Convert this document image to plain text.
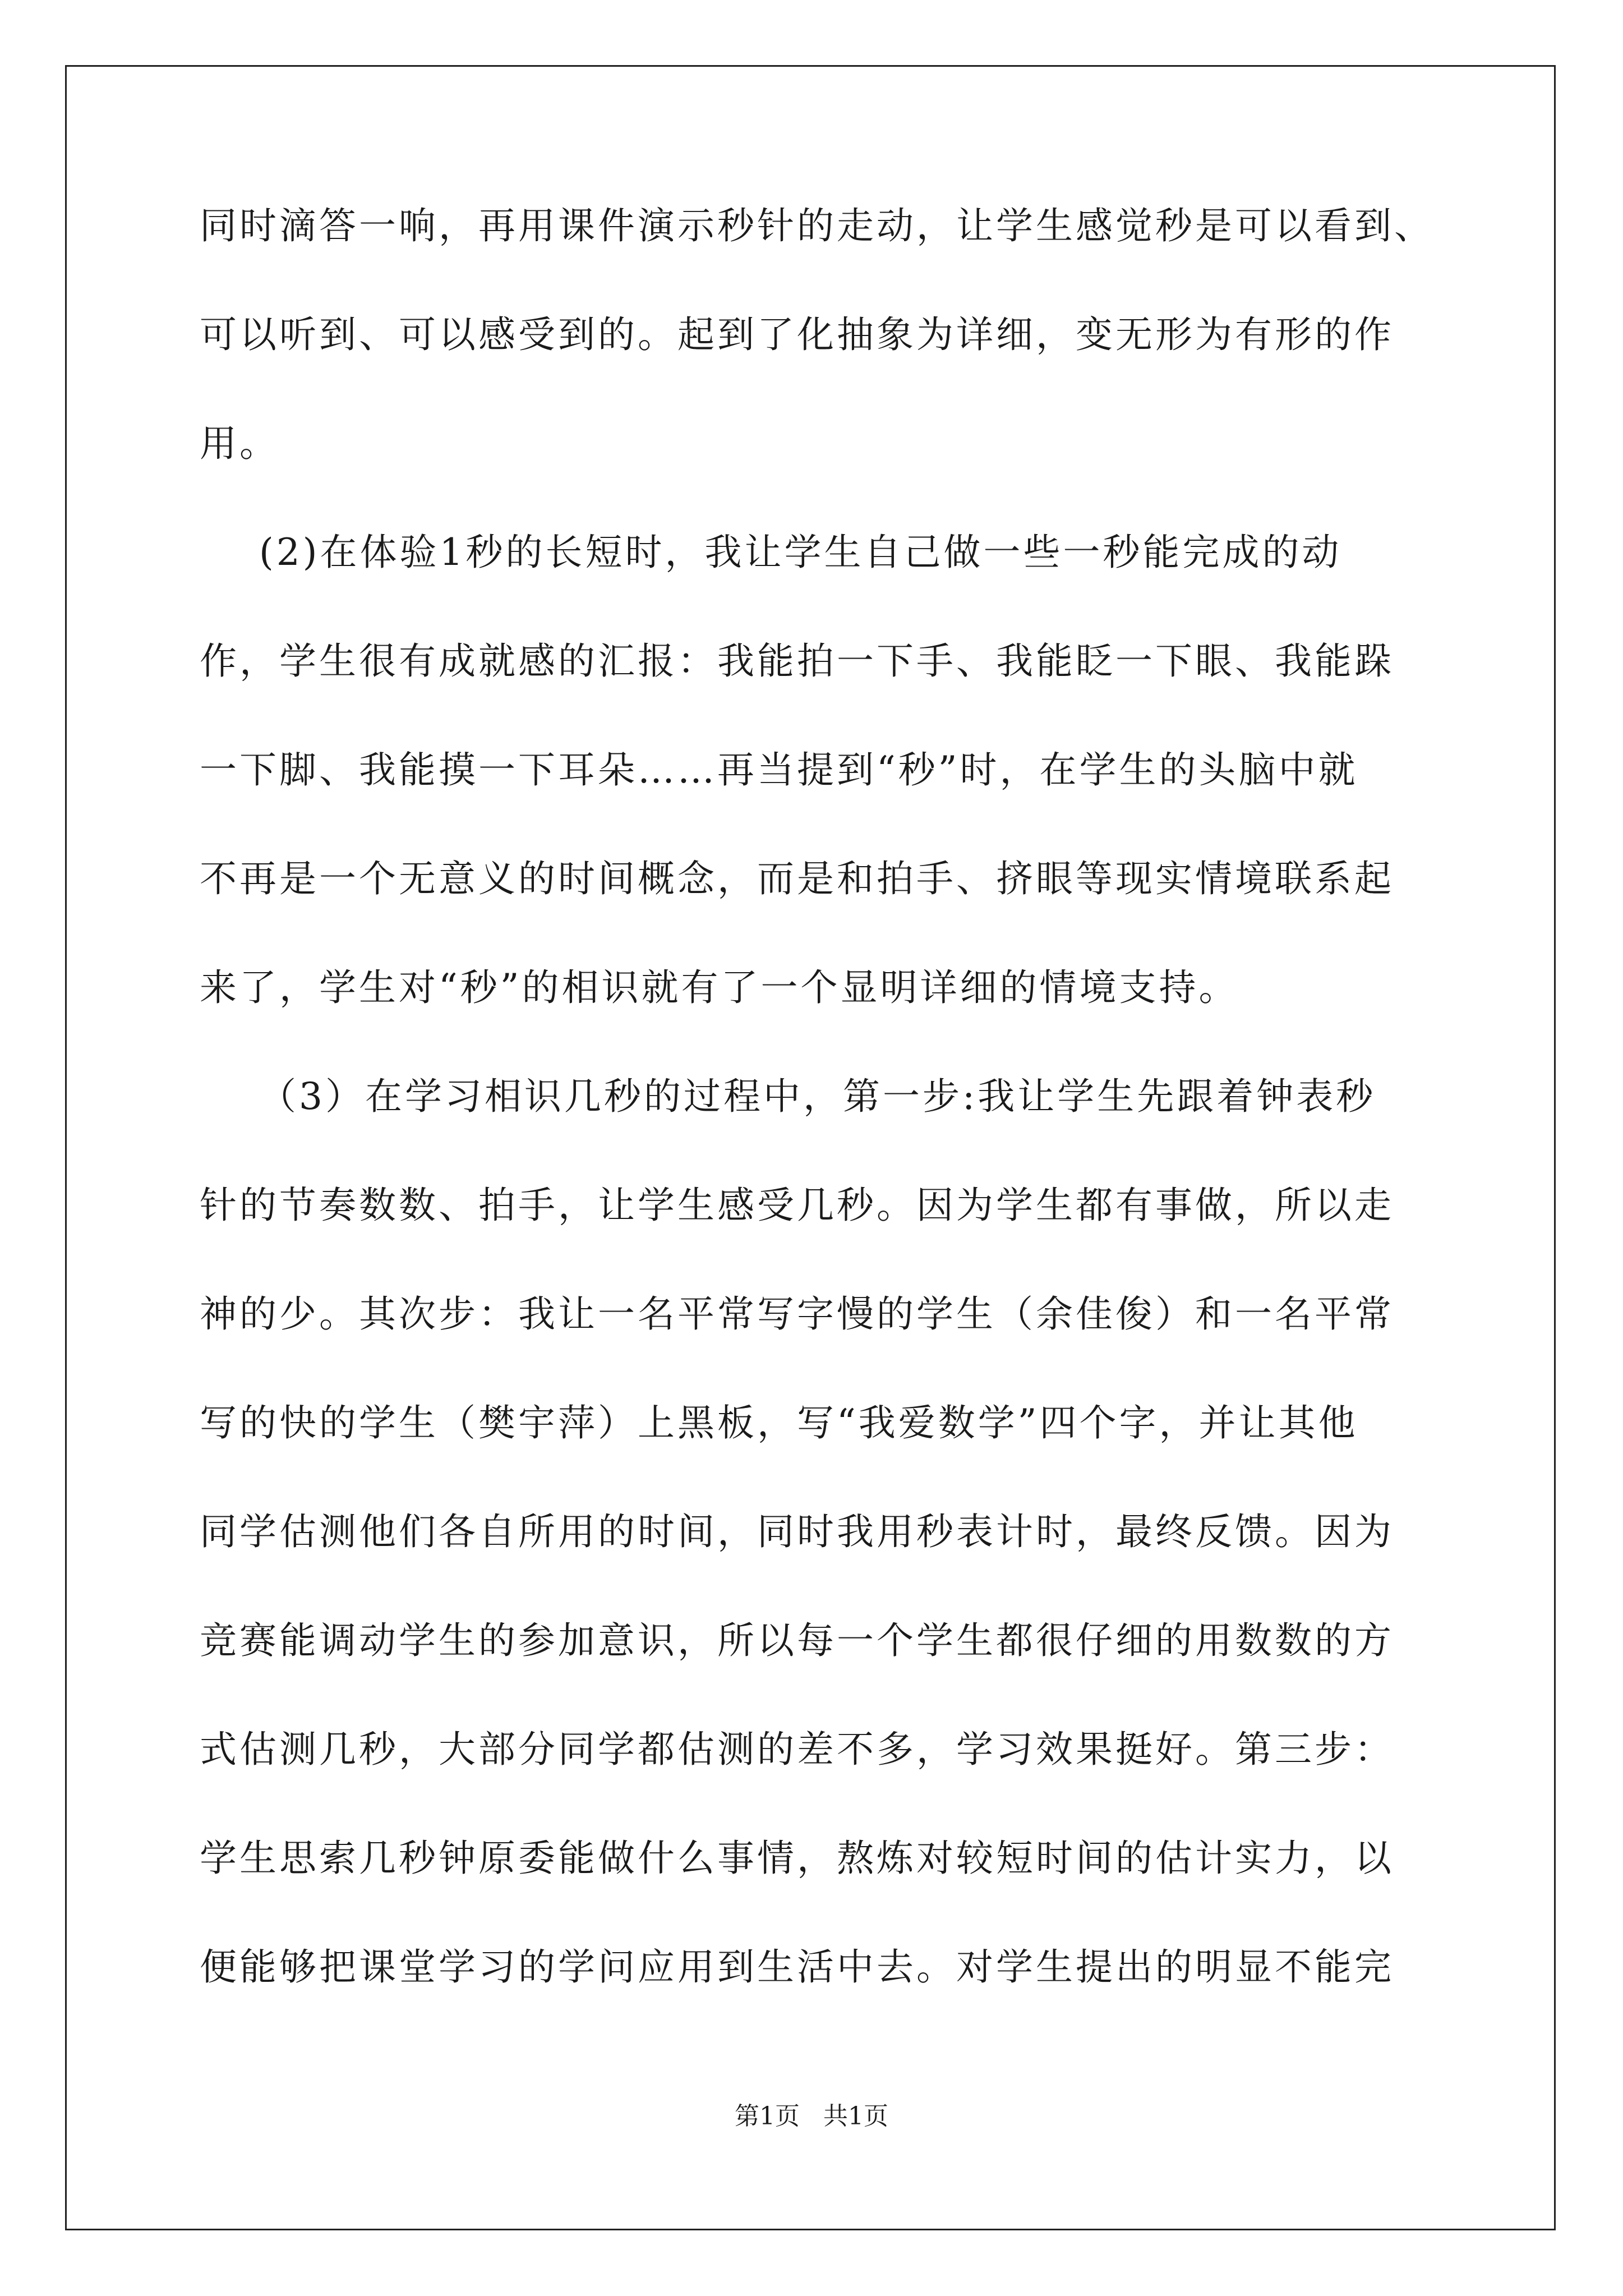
同时滴答一响，再用课件演示秒针的走动，让学生感觉秒是可以看到、
可以听到、可以感受到的。起到了化抽象为详细，变无形为有形的作
用。
(2)在体验1秒的长短时，我让学生自己做一些一秒能完成的动
作，学生很有成就感的汇报：我能拍一下手、我能眨一下眼、我能跺
一下脚、我能摸一下耳朵……再当提到“秒”时，在学生的头脑中就
不再是一个无意义的时间概念，而是和拍手、挤眼等现实情境联系起
来了，学生对“秒”的相识就有了一个显明详细的情境支持。
（3）在学习相识几秒的过程中，第一步:我让学生先跟着钟表秒
针的节奏数数、拍手，让学生感受几秒。因为学生都有事做，所以走
神的少。其次步：我让一名平常写字慢的学生（余佳俊）和一名平常
写的快的学生（樊宇萍）上黑板，写“我爱数学”四个字，并让其他
同学估测他们各自所用的时间，同时我用秒表计时，最终反馈。因为
竞赛能调动学生的参加意识，所以每一个学生都很仔细的用数数的方
式估测几秒，大部分同学都估测的差不多，学习效果挺好。第三步：
学生思索几秒钟原委能做什么事情，熬炼对较短时间的估计实力，以
便能够把课堂学习的学问应用到生活中去。对学生提出的明显不能完
第1页   共1页
